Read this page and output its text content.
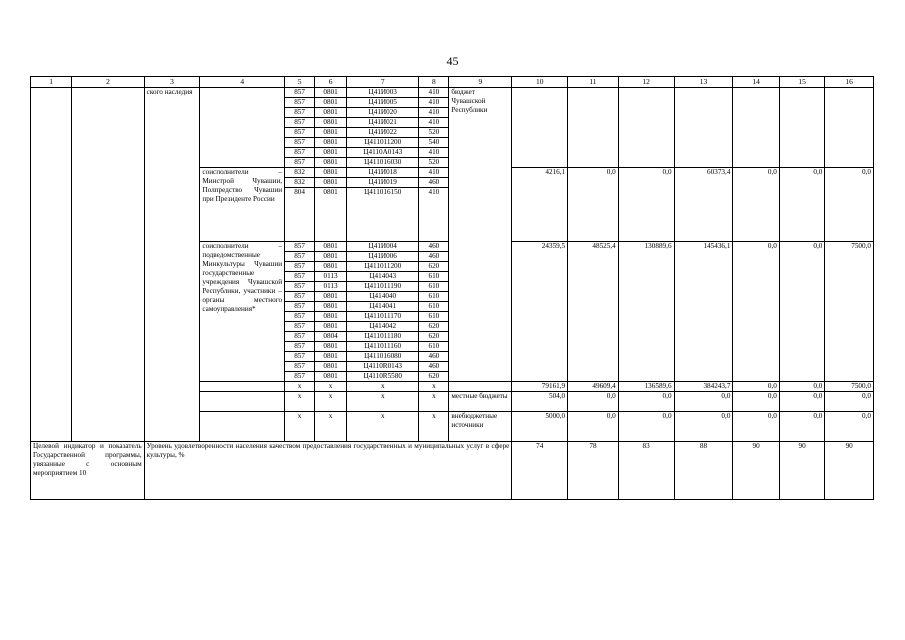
45
1	2	3	4	5	6	7	8	9	10	11	12	13	14	15	16
		ского наследия		857	0801	Ц41И003	410	бюджет Чувашской Республики							
				857	0801	Ц41И005	410								
				857	0801	Ц41И020	410								
				857	0801	Ц41И021	410								
				857	0801	Ц41И022	520								
				857	0801	Ц411011200	540								
				857	0801	Ц4110А0143	410								
				857	0801	Ц411016030	520								
			соисполнители – Минстрой Чувашии, Полпредство Чувашии при Президенте России	832	0801	Ц41И018	410		4216,1	0,0	0,0	60373,4	0,0	0,0	0,0
				832	0801	Ц41И019	460								
				804	0801	Ц411016150	410								
			соисполнители – подведомственные Минкультуры Чувашии государственные учреждения Чувашской Республики, участники – органы местного самоуправления*	857	0801	Ц41И004	460		24359,5	48525,4	130889,6	145436,1	0,0	0,0	7500,0
				857	0801	Ц41И006	460								
				857	0801	Ц411011200	620								
				857	0113	Ц414043	610								
				857	0113	Ц411011190	610								
				857	0801	Ц414040	610								
				857	0801	Ц414041	610								
				857	0801	Ц411011170	610								
				857	0801	Ц414042	620								
				857	0804	Ц411011180	620								
				857	0801	Ц411011160	610								
				857	0801	Ц411016080	460								
				857	0801	Ц4110R0143	460								
				857	0801	Ц4110R5580	620								
				x	x	x	x		79161,9	49609,4	136589,6	384243,7	0,0	0,0	7500,0
				x	x	x	x	местные бюджеты	504,0	0,0	0,0	0,0	0,0	0,0	0,0
				x	x	x	x	внебюджетные источники	5000,0	0,0	0,0	0,0	0,0	0,0	0,0
Целевой индикатор и показатель Государственной программы, увязанные с основным мероприятием 10		Уровень удовлетворенности населения качеством предоставления государственных и муниципальных услуг в сфере культуры, %							74	78	83	88	90	90	90
